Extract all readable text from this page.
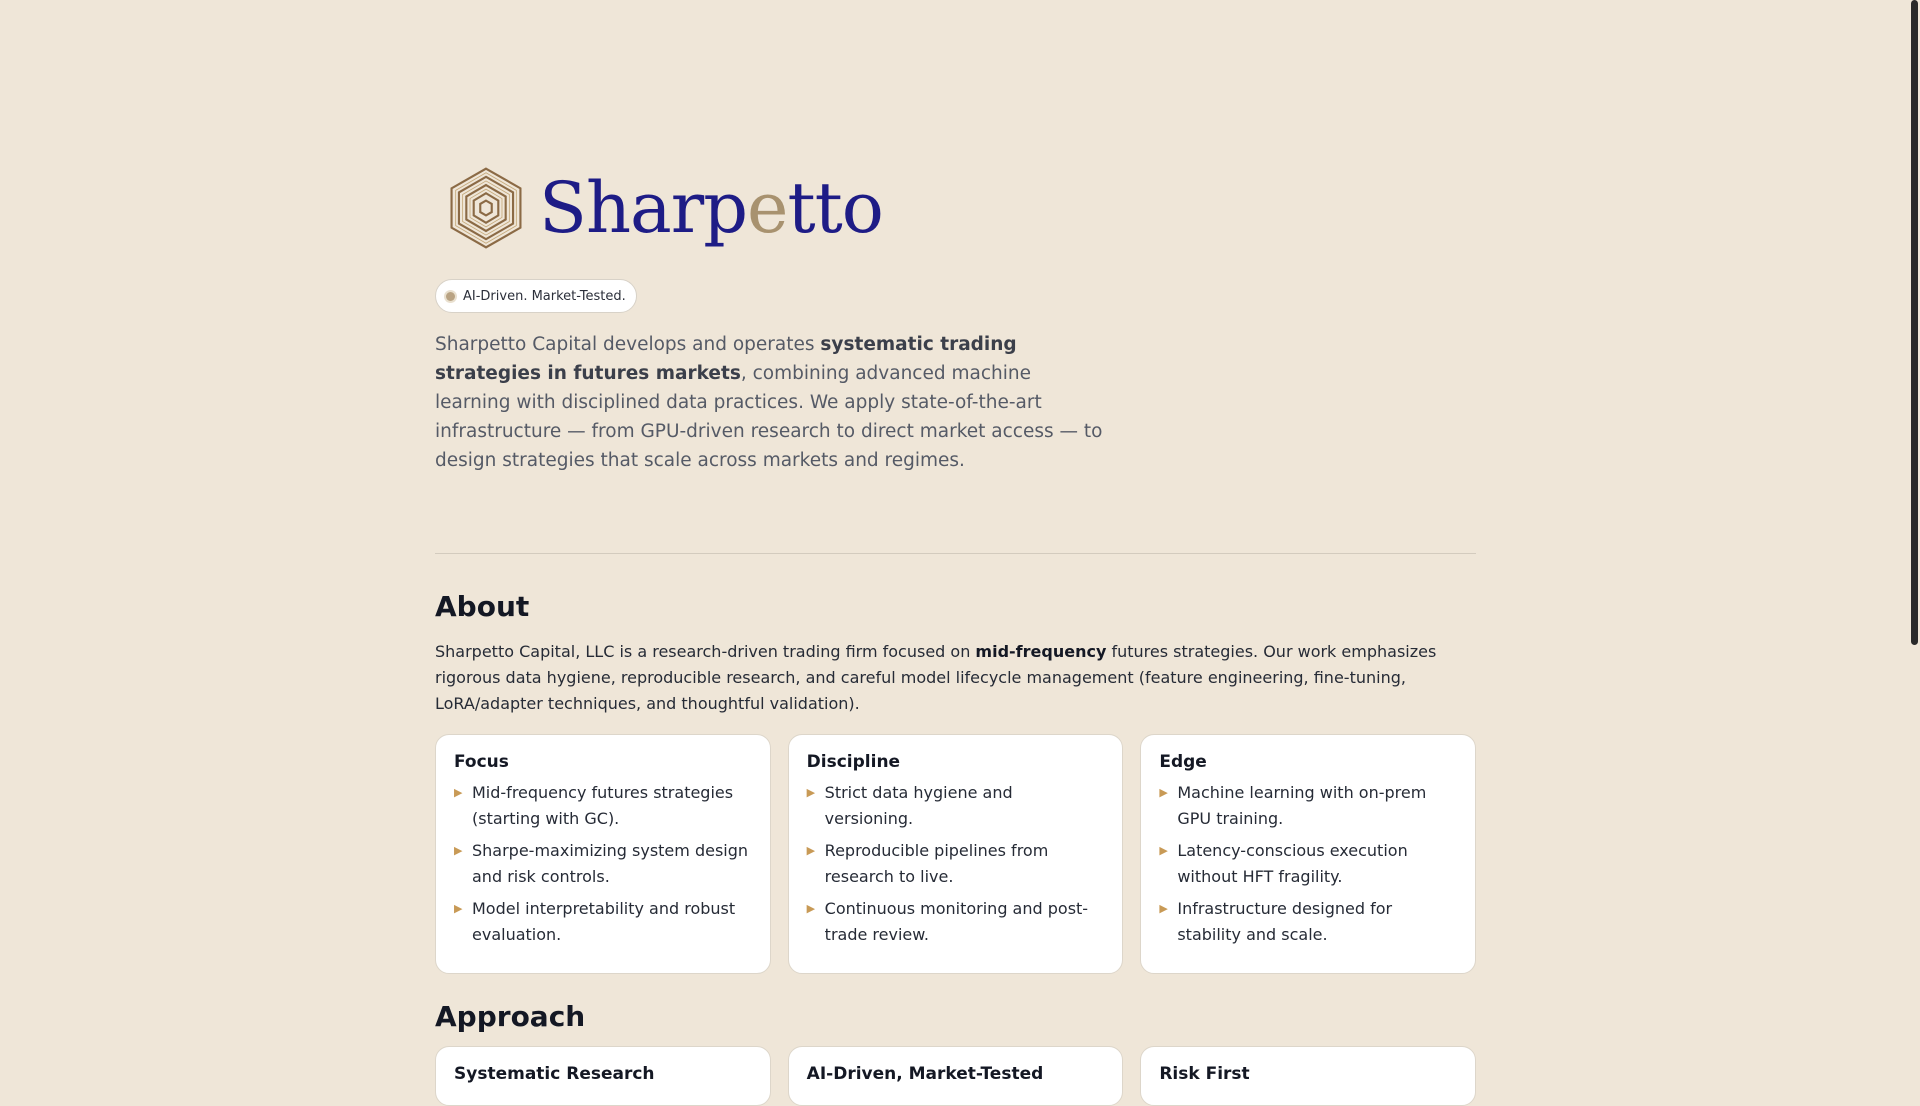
Sharpetto
AI-Driven. Market-Tested.

Sharpetto Capital develops and operates systematic trading strategies in futures markets, combining advanced machine learning with disciplined data practices. We apply state-of-the-art infrastructure — from GPU-driven research to direct market access — to design strategies that scale across markets and regimes.

About

Sharpetto Capital, LLC is a research-driven trading firm focused on mid-frequency futures strategies. Our work emphasizes rigorous data hygiene, reproducible research, and careful model lifecycle management (feature engineering, fine-tuning, LoRA/adapter techniques, and thoughtful validation).

Focus
▶ Mid-frequency futures strategies (starting with GC).
▶ Sharpe-maximizing system design and risk controls.
▶ Model interpretability and robust evaluation.
Discipline
▶ Strict data hygiene and versioning.
▶ Reproducible pipelines from research to live.
▶ Continuous monitoring and post-trade review.
Edge
▶ Machine learning with on-prem GPU training.
▶ Latency-conscious execution without HFT fragility.
▶ Infrastructure designed for stability and scale.
Approach
Systematic Research	AI-Driven, Market-Tested	Risk First
